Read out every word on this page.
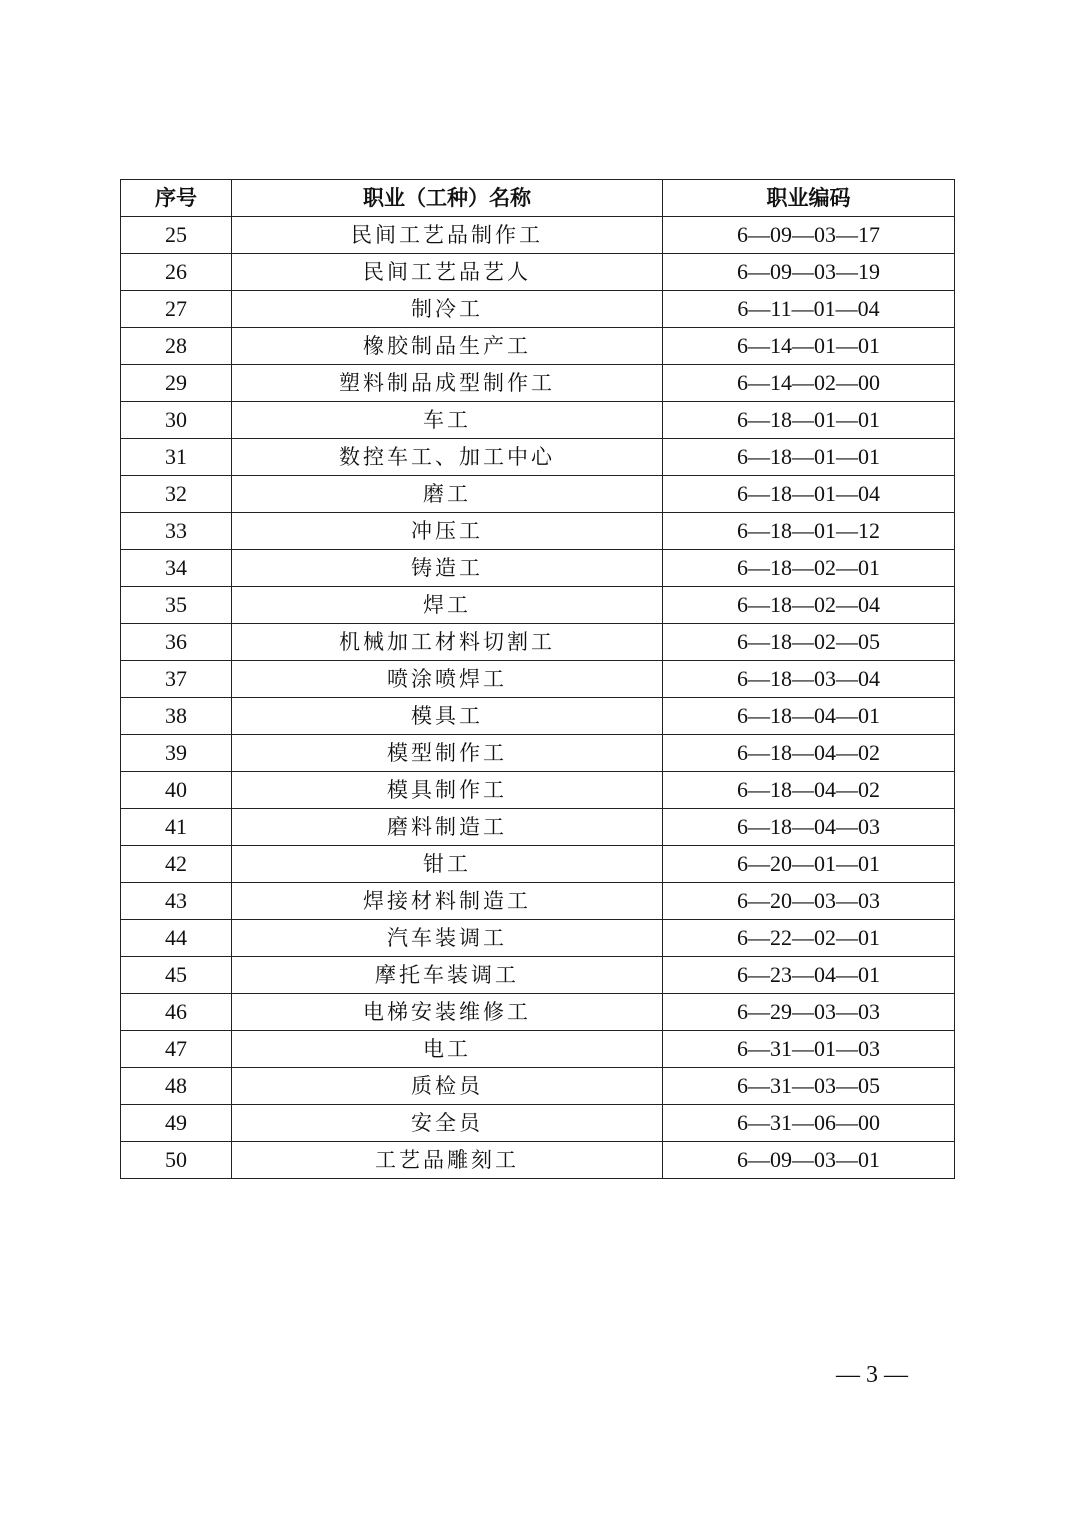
序号	职业（工种）名称	职业编码
25	民间工艺品制作工	6—09—03—17
26	民间工艺品艺人	6—09—03—19
27	制冷工	6—11—01—04
28	橡胶制品生产工	6—14—01—01
29	塑料制品成型制作工	6—14—02—00
30	车工	6—18—01—01
31	数控车工、加工中心	6—18—01—01
32	磨工	6—18—01—04
33	冲压工	6—18—01—12
34	铸造工	6—18—02—01
35	焊工	6—18—02—04
36	机械加工材料切割工	6—18—02—05
37	喷涂喷焊工	6—18—03—04
38	模具工	6—18—04—01
39	模型制作工	6—18—04—02
40	模具制作工	6—18—04—02
41	磨料制造工	6—18—04—03
42	钳工	6—20—01—01
43	焊接材料制造工	6—20—03—03
44	汽车装调工	6—22—02—01
45	摩托车装调工	6—23—04—01
46	电梯安装维修工	6—29—03—03
47	电工	6—31—01—03
48	质检员	6—31—03—05
49	安全员	6—31—06—00
50	工艺品雕刻工	6—09—03—01
— 3 —
